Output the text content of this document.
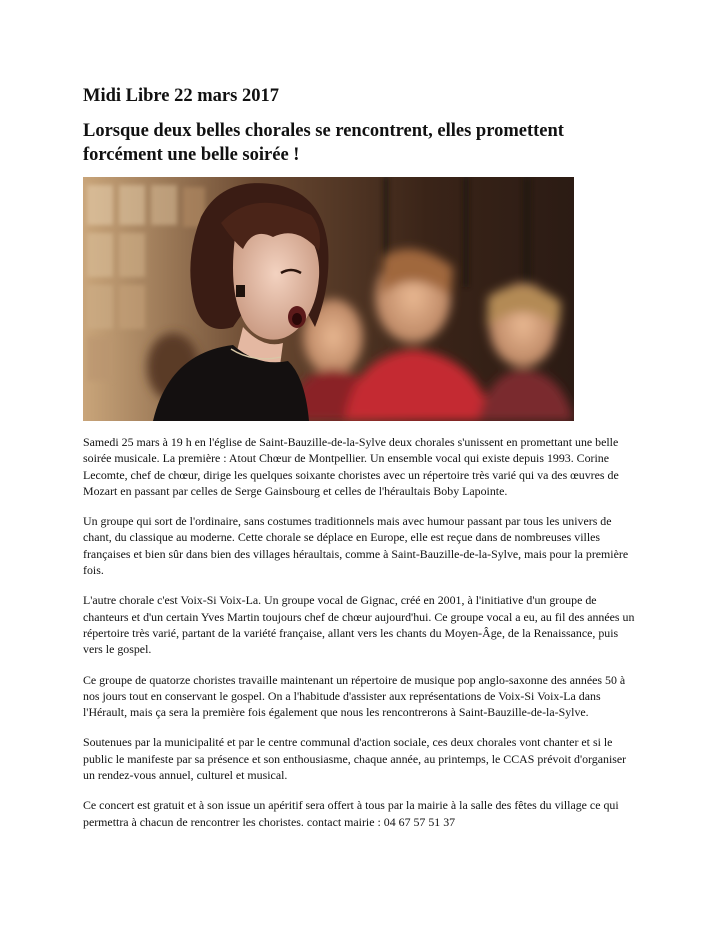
Midi Libre 22 mars 2017
Lorsque deux belles chorales se rencontrent, elles promettent forcément une belle soirée !

Samedi 25 mars à 19 h en l'église de Saint-Bauzille-de-la-Sylve deux chorales s'unissent en promettant une belle soirée musicale. La première : Atout Chœur de Montpellier. Un ensemble vocal qui existe depuis 1993. Corine Lecomte, chef de chœur, dirige les quelques soixante choristes avec un répertoire très varié qui va des œuvres de Mozart en passant par celles de Serge Gainsbourg et celles de l'héraultais Boby Lapointe.

Un groupe qui sort de l'ordinaire, sans costumes traditionnels mais avec humour passant par tous les univers de chant, du classique au moderne. Cette chorale se déplace en Europe, elle est reçue dans de nombreuses villes françaises et bien sûr dans bien des villages héraultais, comme à Saint-Bauzille-de-la-Sylve, mais pour la première fois.

L'autre chorale c'est Voix-Si Voix-La. Un groupe vocal de Gignac, créé en 2001, à l'initiative d'un groupe de chanteurs et d'un certain Yves Martin toujours chef de chœur aujourd'hui. Ce groupe vocal a eu, au fil des années un répertoire très varié, partant de la variété française, allant vers les chants du Moyen-Âge, de la Renaissance, puis vers le gospel.

Ce groupe de quatorze choristes travaille maintenant un répertoire de musique pop anglo-saxonne des années 50 à nos jours tout en conservant le gospel. On a l'habitude d'assister aux représentations de Voix-Si Voix-La dans l'Hérault, mais ça sera la première fois également que nous les rencontrerons à Saint-Bauzille-de-la-Sylve.

Soutenues par la municipalité et par le centre communal d'action sociale, ces deux chorales vont chanter et si le public le manifeste par sa présence et son enthousiasme, chaque année, au printemps, le CCAS prévoit d'organiser un rendez-vous annuel, culturel et musical.

Ce concert est gratuit et à son issue un apéritif sera offert à tous par la mairie à la salle des fêtes du village ce qui permettra à chacun de rencontrer les choristes. contact mairie : 04 67 57 51 37
